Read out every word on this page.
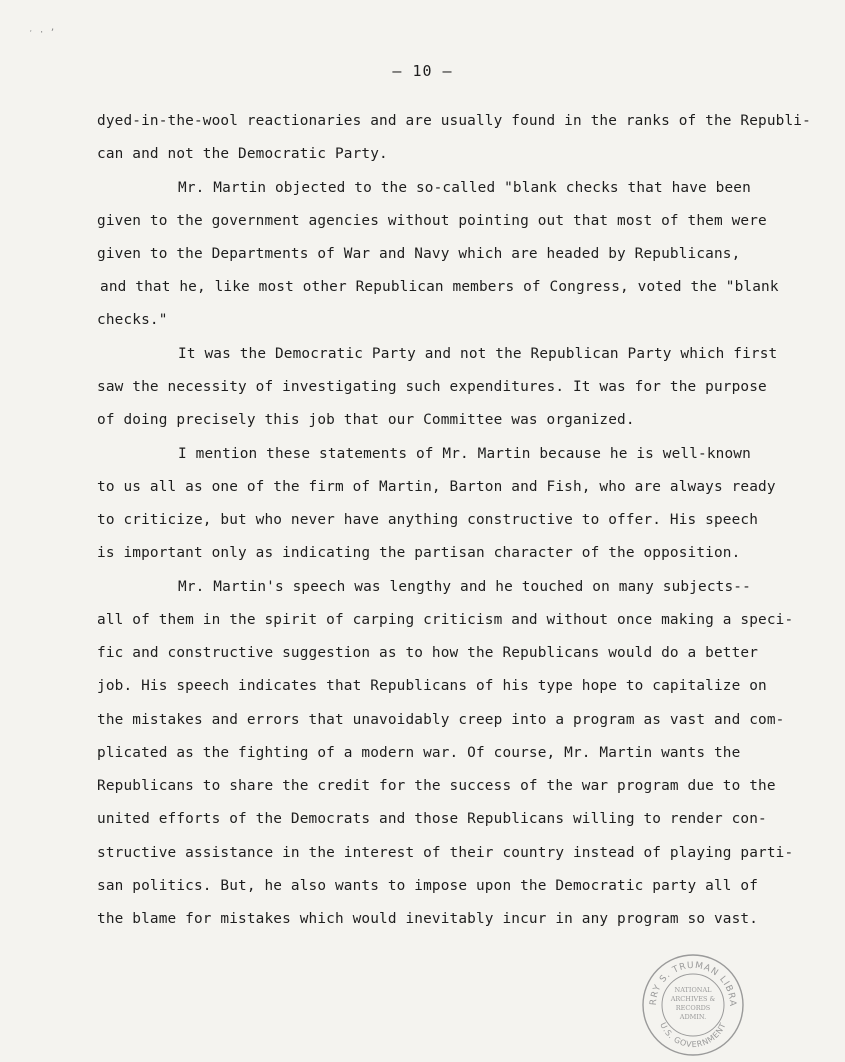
ˑ · ʼ
– 10 –
dyed-in-the-wool reactionaries and are usually found in the ranks of the Republi-
can and not the Democratic Party.
Mr. Martin objected to the so-called "blank checks that have been
given to the government agencies without pointing out that most of them were
given to the Departments of War and Navy which are headed by Republicans,
and that he, like most other Republican members of Congress, voted the "blank
checks."
It was the Democratic Party and not the Republican Party which first
saw the necessity of investigating such expenditures. It was for the purpose
of doing precisely this job that our Committee was organized.
I mention these statements of Mr. Martin because he is well-known
to us all as one of the firm of Martin, Barton and Fish, who are always ready
to criticize, but who never have anything constructive to offer. His speech
is important only as indicating the partisan character of the opposition.
Mr. Martin's speech was lengthy and he touched on many subjects--
all of them in the spirit of carping criticism and without once making a speci-
fic and constructive suggestion as to how the Republicans would do a better
job. His speech indicates that Republicans of his type hope to capitalize on
the mistakes and errors that unavoidably creep into a program as vast and com-
plicated as the fighting of a modern war. Of course, Mr. Martin wants the
Republicans to share the credit for the success of the war program due to the
united efforts of the Democrats and those Republicans willing to render con-
structive assistance in the interest of their country instead of playing parti-
san politics. But, he also wants to impose upon the Democratic party all of
the blame for mistakes which would inevitably incur in any program so vast.
RRY S. TRUMAN LIBRA
U.S. GOVERNMENT
NATIONAL
ARCHIVES &
RECORDS
ADMIN.
